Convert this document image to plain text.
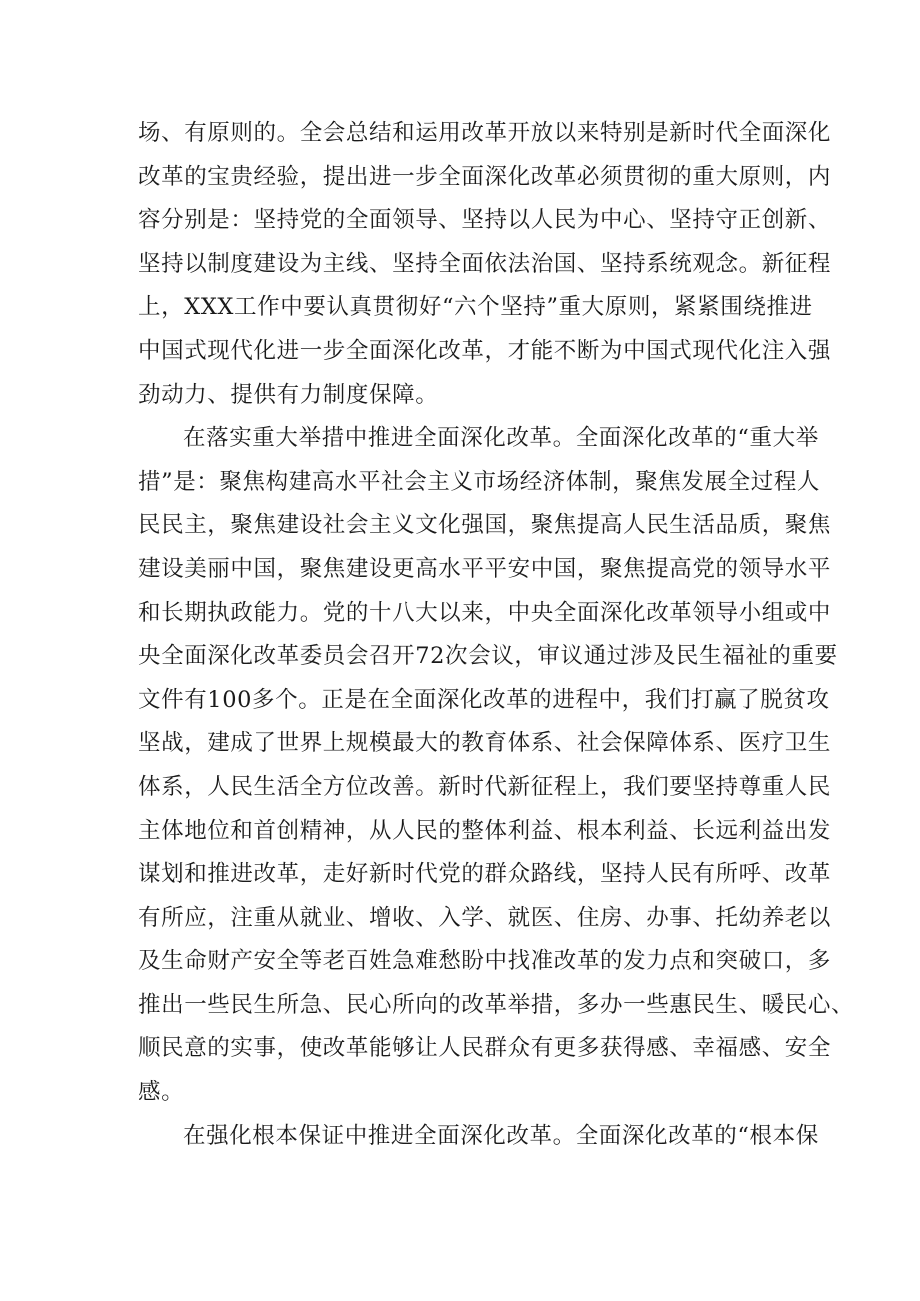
场、有原则的。全会总结和运用改革开放以来特别是新时代全面深化
改革的宝贵经验，提出进一步全面深化改革必须贯彻的重大原则，内
容分别是：坚持党的全面领导、坚持以人民为中心、坚持守正创新、
坚持以制度建设为主线、坚持全面依法治国、坚持系统观念。新征程
上，XXX工作中要认真贯彻好“六个坚持”重大原则，紧紧围绕推进
中国式现代化进一步全面深化改革，才能不断为中国式现代化注入强
劲动力、提供有力制度保障。
在落实重大举措中推进全面深化改革。全面深化改革的“重大举
措”是：聚焦构建高水平社会主义市场经济体制，聚焦发展全过程人
民民主，聚焦建设社会主义文化强国，聚焦提高人民生活品质，聚焦
建设美丽中国，聚焦建设更高水平平安中国，聚焦提高党的领导水平
和长期执政能力。党的十八大以来，中央全面深化改革领导小组或中
央全面深化改革委员会召开72次会议，审议通过涉及民生福祉的重要
文件有100多个。正是在全面深化改革的进程中，我们打赢了脱贫攻
坚战，建成了世界上规模最大的教育体系、社会保障体系、医疗卫生
体系，人民生活全方位改善。新时代新征程上，我们要坚持尊重人民
主体地位和首创精神，从人民的整体利益、根本利益、长远利益出发
谋划和推进改革，走好新时代党的群众路线，坚持人民有所呼、改革
有所应，注重从就业、增收、入学、就医、住房、办事、托幼养老以
及生命财产安全等老百姓急难愁盼中找准改革的发力点和突破口，多
推出一些民生所急、民心所向的改革举措，多办一些惠民生、暖民心、
顺民意的实事，使改革能够让人民群众有更多获得感、幸福感、安全
感。
在强化根本保证中推进全面深化改革。全面深化改革的“根本保
